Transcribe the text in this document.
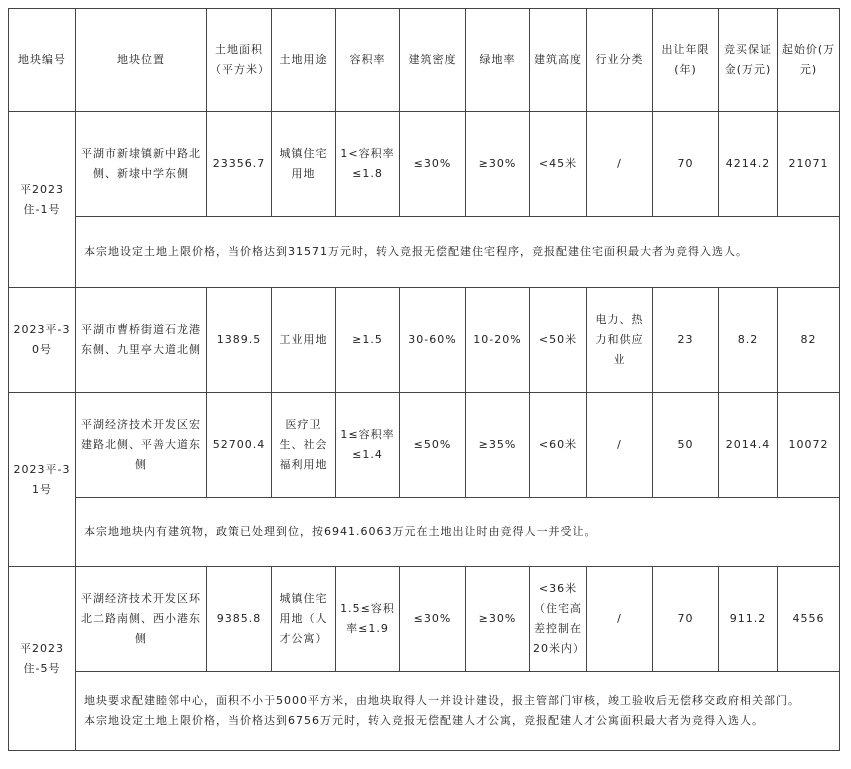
地块编号	地块位置	土地面积（平方米）	土地用途	容积率	建筑密度	绿地率	建筑高度	行业分类	出让年限(年)	竞买保证金(万元)	起始价(万元)
平2023住-1号	平湖市新埭镇新中路北侧、新埭中学东侧	23356.7	城镇住宅用地	1<容积率≤1.8	≤30%	≥30%	<45米	/	70	4214.2	21071
	本宗地设定土地上限价格，当价格达到31571万元时，转入竞报无偿配建住宅程序，竞报配建住宅面积最大者为竞得入选人。										
2023平-30号	平湖市曹桥街道石龙港东侧、九里亭大道北侧	1389.5	工业用地	≥1.5	30-60%	10-20%	<50米	电力、热力和供应业	23	8.2	82
2023平-31号	平湖经济技术开发区宏建路北侧、平善大道东侧	52700.4	医疗卫生、社会福利用地	1≤容积率≤1.4	≤50%	≥35%	<60米	/	50	2014.4	10072
	本宗地地块内有建筑物，政策已处理到位，按6941.6063万元在土地出让时由竞得人一并受让。										
平2023住-5号	平湖经济技术开发区环北二路南侧、西小港东侧	9385.8	城镇住宅用地（人才公寓）	1.5≤容积率≤1.9	≤30%	≥30%	<36米（住宅高差控制在20米内）	/	70	911.2	4556

	地块要求配建睦邻中心，面积不小于5000平方米，由地块取得人一并设计建设，报主管部门审核，竣工验收后无偿移交政府相关部门。
本宗地设定土地上限价格，当价格达到6756万元时，转入竞报无偿配建人才公寓，竞报配建人才公寓面积最大者为竞得入选人。										
